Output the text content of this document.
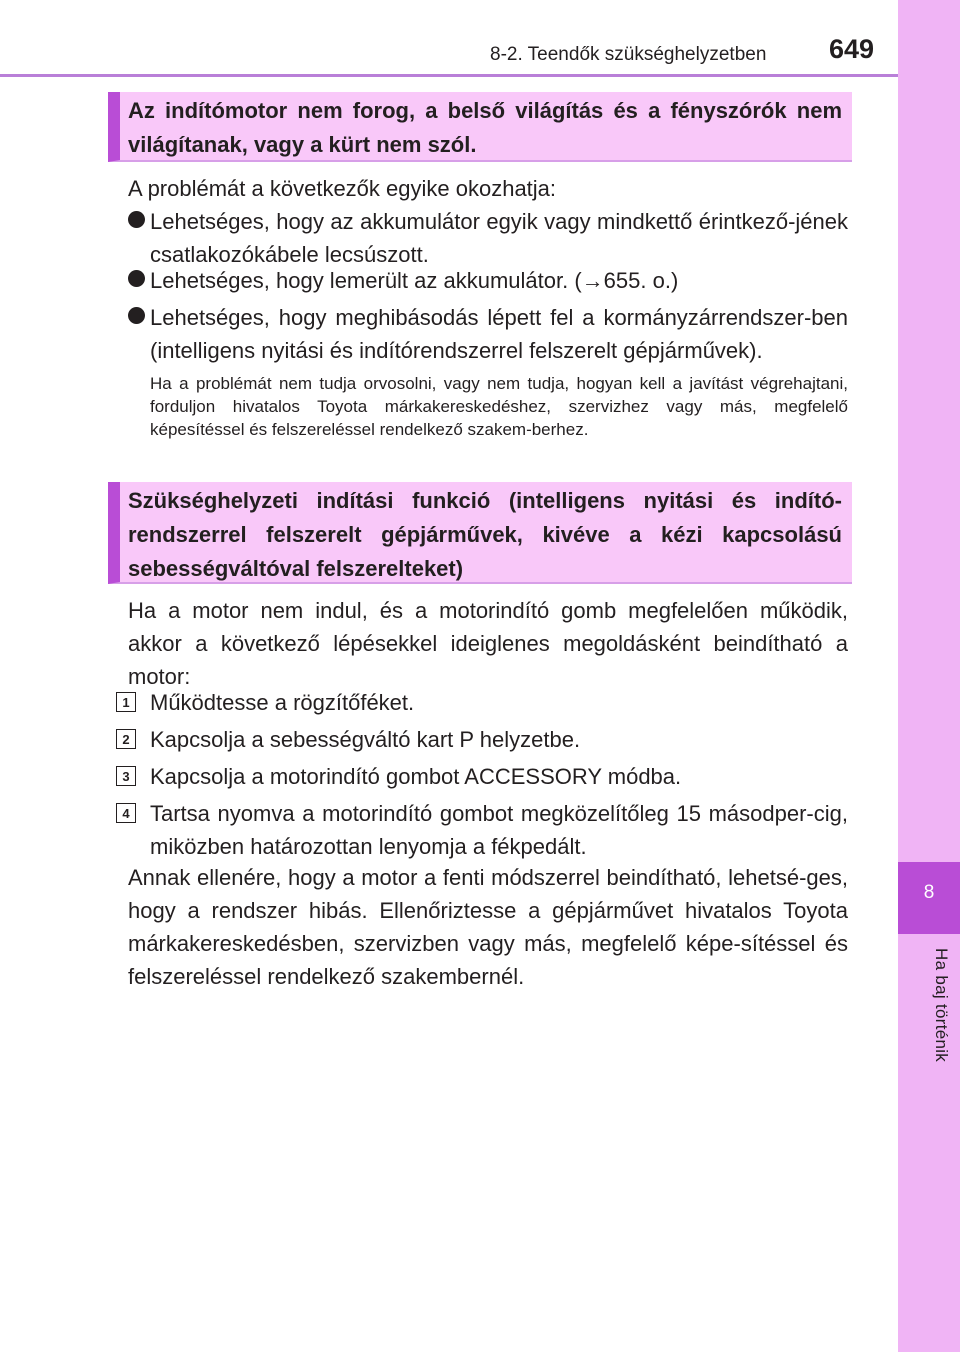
8-2. Teendők szükséghelyzetben 649
8
Ha baj történik
Az indítómotor nem forog, a belső világítás és a fényszórók nem világítanak, vagy a kürt nem szól.
A problémát a következők egyike okozhatja:
Lehetséges, hogy az akkumulátor egyik vagy mindkettő érintkező-jének csatlakozókábele lecsúszott.
Lehetséges, hogy lemerült az akkumulátor. (→655. o.)
Lehetséges, hogy meghibásodás lépett fel a kormányzárrendszer-ben (intelligens nyitási és indítórendszerrel felszerelt gépjárművek).
Ha a problémát nem tudja orvosolni, vagy nem tudja, hogyan kell a javítást végrehajtani, forduljon hivatalos Toyota márkakereskedéshez, szervizhez vagy más, megfelelő képesítéssel és felszereléssel rendelkező szakem-berhez.
Szükséghelyzeti indítási funkció (intelligens nyitási és indító-rendszerrel felszerelt gépjárművek, kivéve a kézi kapcsolású sebességváltóval felszerelteket)
Ha a motor nem indul, és a motorindító gomb megfelelően működik, akkor a következő lépésekkel ideiglenes megoldásként beindítható a motor:
1 Működtesse a rögzítőféket.
2 Kapcsolja a sebességváltó kart P helyzetbe.
3 Kapcsolja a motorindító gombot ACCESSORY módba.
4 Tartsa nyomva a motorindító gombot megközelítőleg 15 másodper-cig, miközben határozottan lenyomja a fékpedált.
Annak ellenére, hogy a motor a fenti módszerrel beindítható, lehetsé-ges, hogy a rendszer hibás. Ellenőriztesse a gépjárművet hivatalos Toyota márkakereskedésben, szervizben vagy más, megfelelő képe-sítéssel és felszereléssel rendelkező szakembernél.
